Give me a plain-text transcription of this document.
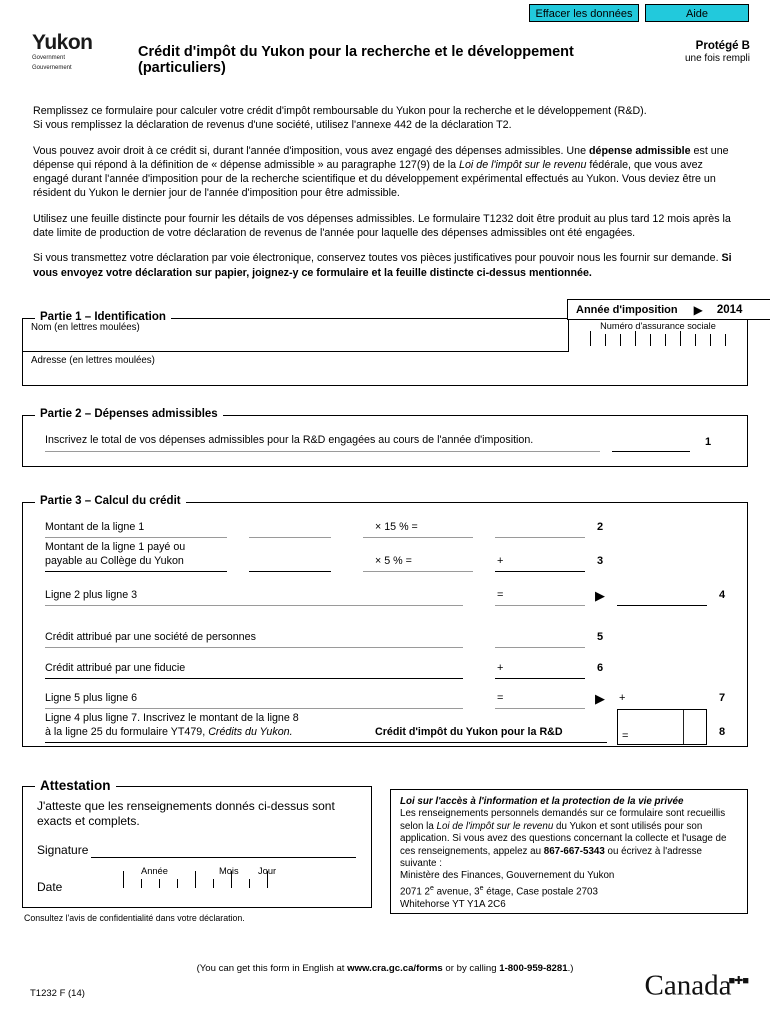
Effacer les données	Aide
Yukon
Government
Gouvernement
Crédit d'impôt du Yukon pour la recherche et le développement (particuliers)
Protégé B
une fois rempli

Remplissez ce formulaire pour calculer votre crédit d'impôt remboursable du Yukon pour la recherche et le développement (R&D).
Si vous remplissez la déclaration de revenus d'une société, utilisez l'annexe 442 de la déclaration T2.

Vous pouvez avoir droit à ce crédit si, durant l'année d'imposition, vous avez engagé des dépenses admissibles. Une dépense admissible est une dépense qui répond à la définition de « dépense admissible » au paragraphe 127(9) de la Loi de l'impôt sur le revenu fédérale, que vous avez engagé durant l'année d'imposition pour de la recherche scientifique et du développement expérimental effectués au Yukon. Vous deviez être un résident du Yukon le dernier jour de l'année d'imposition pour être admissible.

Utilisez une feuille distincte pour fournir les détails de vos dépenses admissibles. Le formulaire T1232 doit être produit au plus tard 12 mois après la date limite de production de votre déclaration de revenus de l'année pour laquelle des dépenses admissibles ont été engagées.

Si vous transmettez votre déclaration par voie électronique, conservez toutes vos pièces justificatives pour pouvoir nous les fournir sur demande. Si vous envoyez votre déclaration sur papier, joignez-y ce formulaire et la feuille distincte ci-dessus mentionnée.

Partie 1 – Identification
Année d'imposition ▶ 2014
Nom (en lettres moulées)
Adresse (en lettres moulées)
Numéro d'assurance sociale
Partie 2 – Dépenses admissibles
Inscrivez le total de vos dépenses admissibles pour la R&D engagées au cours de l'année d'imposition.	1
Partie 3 – Calcul du crédit
Montant de la ligne 1	× 15 % =	2
Montant de la ligne 1 payé ou
payable au Collège du Yukon	× 5 % =	+	3
Ligne 2 plus ligne 3	=	▶	4
Crédit attribué par une société de personnes	5
Crédit attribué par une fiducie	+	6
Ligne 5 plus ligne 6	=	▶ +	7
Ligne 4 plus ligne 7. Inscrivez le montant de la ligne 8
à la ligne 25 du formulaire YT479, Crédits du Yukon.	Crédit d'impôt du Yukon pour la R&D	=	8
Attestation
J'atteste que les renseignements donnés ci-dessus sont exacts et complets.
Signature
Date
Année	Mois Jour
Consultez l'avis de confidentialité dans votre déclaration.
Loi sur l'accès à l'information et la protection de la vie privée
Les renseignements personnels demandés sur ce formulaire sont recueillis selon la Loi de l'impôt sur le revenu du Yukon et sont utilisés pour son application. Si vous avez des questions concernant la collecte et l'usage de ces renseignements, appelez au 867-667-5343 ou écrivez à l'adresse suivante :
Ministère des Finances, Gouvernement du Yukon
2071 2e avenue, 3e étage, Case postale 2703
Whitehorse YT Y1A 2C6
(You can get this form in English at www.cra.gc.ca/forms or by calling 1-800-959-8281.)
T1232 F (14)	Canada■✚■
